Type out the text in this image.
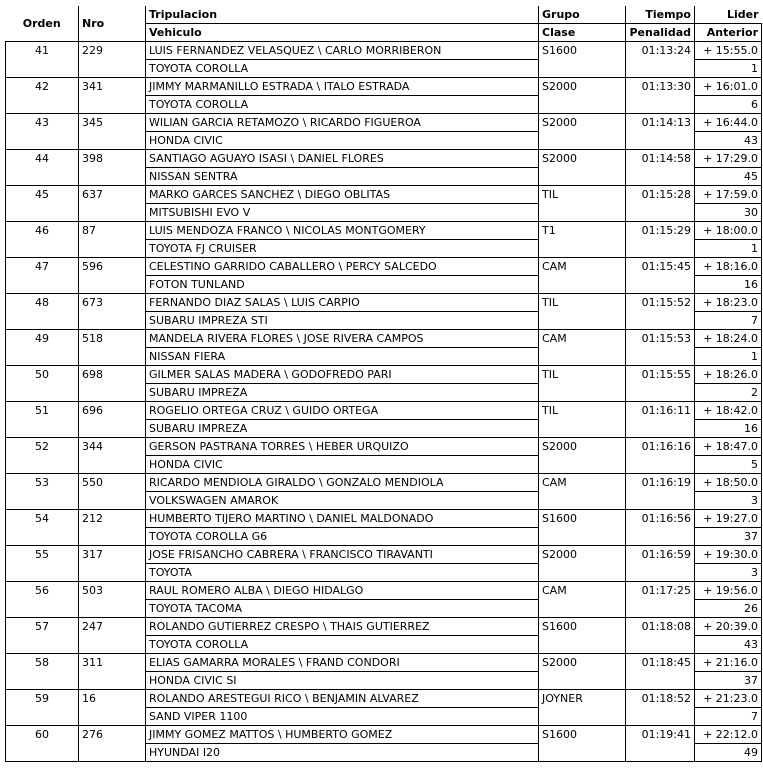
Orden	Nro	Tripulacion	Grupo	Tiempo	Lider
		Vehiculo	Clase	Penalidad	Anterior
41	229	LUIS FERNANDEZ VELASQUEZ \ CARLO MORRIBERON	S1600	01:13:24	+ 15:55.0
		TOYOTA COROLLA			1
42	341	JIMMY MARMANILLO ESTRADA \ ITALO ESTRADA	S2000	01:13:30	+ 16:01.0
		TOYOTA COROLLA			6
43	345	WILIAN GARCIA RETAMOZO \ RICARDO FIGUEROA	S2000	01:14:13	+ 16:44.0
		HONDA CIVIC			43
44	398	SANTIAGO AGUAYO ISASI \ DANIEL FLORES	S2000	01:14:58	+ 17:29.0
		NISSAN SENTRA			45
45	637	MARKO GARCES SANCHEZ \ DIEGO OBLITAS	TIL	01:15:28	+ 17:59.0
		MITSUBISHI EVO V			30
46	87	LUIS MENDOZA FRANCO \ NICOLAS MONTGOMERY	T1	01:15:29	+ 18:00.0
		TOYOTA FJ CRUISER			1
47	596	CELESTINO GARRIDO CABALLERO \ PERCY SALCEDO	CAM	01:15:45	+ 18:16.0
		FOTON TUNLAND			16
48	673	FERNANDO DIAZ SALAS \ LUIS CARPIO	TIL	01:15:52	+ 18:23.0
		SUBARU IMPREZA STI			7
49	518	MANDELA RIVERA FLORES \ JOSE RIVERA CAMPOS	CAM	01:15:53	+ 18:24.0
		NISSAN FIERA			1
50	698	GILMER SALAS MADERA \ GODOFREDO PARI	TIL	01:15:55	+ 18:26.0
		SUBARU IMPREZA			2
51	696	ROGELIO ORTEGA CRUZ \ GUIDO ORTEGA	TIL	01:16:11	+ 18:42.0
		SUBARU IMPREZA			16
52	344	GERSON PASTRANA TORRES \ HEBER URQUIZO	S2000	01:16:16	+ 18:47.0
		HONDA CIVIC			5
53	550	RICARDO MENDIOLA GIRALDO \ GONZALO MENDIOLA	CAM	01:16:19	+ 18:50.0
		VOLKSWAGEN AMAROK			3
54	212	HUMBERTO TIJERO MARTINO \ DANIEL MALDONADO	S1600	01:16:56	+ 19:27.0
		TOYOTA COROLLA G6			37
55	317	JOSE FRISANCHO CABRERA \ FRANCISCO TIRAVANTI	S2000	01:16:59	+ 19:30.0
		TOYOTA			3
56	503	RAUL ROMERO ALBA \ DIEGO HIDALGO	CAM	01:17:25	+ 19:56.0
		TOYOTA TACOMA			26
57	247	ROLANDO GUTIERREZ CRESPO \ THAIS GUTIERREZ	S1600	01:18:08	+ 20:39.0
		TOYOTA COROLLA			43
58	311	ELIAS GAMARRA MORALES \ FRAND CONDORI	S2000	01:18:45	+ 21:16.0
		HONDA CIVIC SI			37
59	16	ROLANDO ARESTEGUI RICO \ BENJAMIN ALVAREZ	JOYNER	01:18:52	+ 21:23.0
		SAND VIPER 1100			7
60	276	JIMMY GOMEZ MATTOS \ HUMBERTO GOMEZ	S1600	01:19:41	+ 22:12.0
		HYUNDAI I20			49
